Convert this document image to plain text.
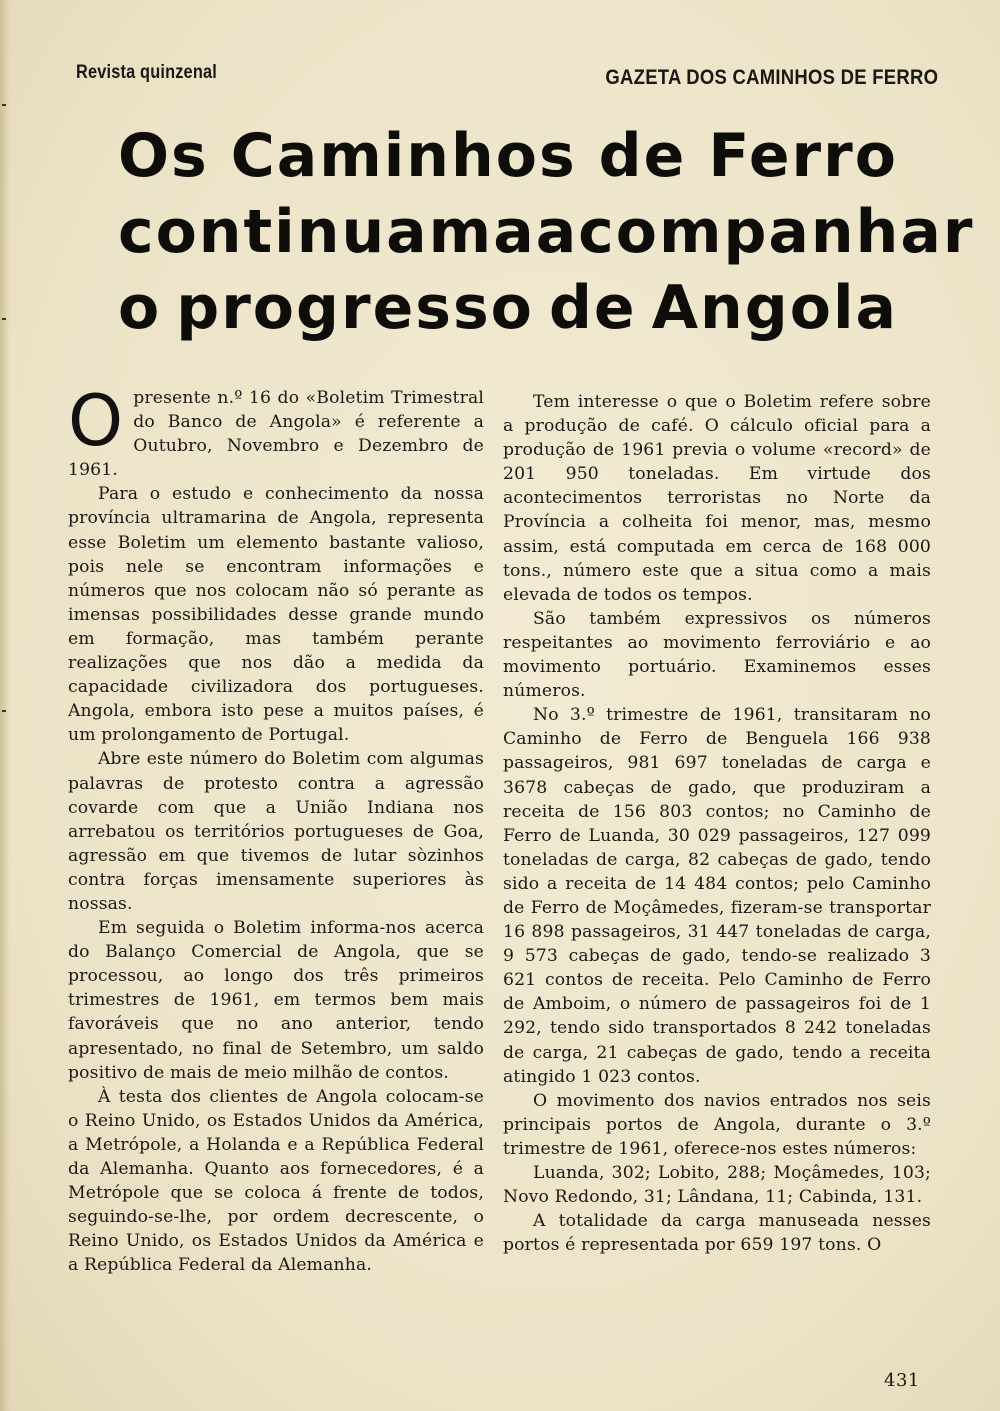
Revista quinzenal	GAZETA DOS CAMINHOS DE FERRO
Os Caminhos de Ferro
continuam a acompanhar
o progresso de Angola

Opresente n.º 16 do «Boletim Trimestral do Banco de Angola» é referente a Outubro, Novembro e Dezembro de 1961.

Para o estudo e conhecimento da nossa província ultramarina de Angola, representa esse Boletim um elemento bastante valioso, pois nele se encontram informações e números que nos colocam não só perante as imensas possibilidades desse grande mundo em formação, mas também perante realizações que nos dão a medida da capacidade civilizadora dos portugueses. Angola, embora isto pese a muitos países, é um prolongamento de Portugal.

Abre este número do Boletim com algumas palavras de protesto contra a agressão covarde com que a União Indiana nos arrebatou os territórios portugueses de Goa, agressão em que tivemos de lutar sòzinhos contra forças imensamente superiores às nossas.

Em seguida o Boletim informa-nos acerca do Balanço Comercial de Angola, que se processou, ao longo dos três primeiros trimestres de 1961, em termos bem mais favoráveis que no ano anterior, tendo apresentado, no final de Setembro, um saldo positivo de mais de meio milhão de contos.

À testa dos clientes de Angola colocam-se o Reino Unido, os Estados Unidos da América, a Metrópole, a Holanda e a República Federal da Alemanha. Quanto aos fornecedores, é a Metrópole que se coloca á frente de todos, seguindo-se-lhe, por ordem decrescente, o Reino Unido, os Estados Unidos da América e a República Federal da Alemanha.

Tem interesse o que o Boletim refere sobre a produção de café. O cálculo oficial para a produção de 1961 previa o volume «record» de 201 950 toneladas. Em virtude dos acontecimentos terroristas no Norte da Província a colheita foi menor, mas, mesmo assim, está computada em cerca de 168 000 tons., número este que a situa como a mais elevada de todos os tempos.

São também expressivos os números respeitantes ao movimento ferroviário e ao movimento portuário. Examinemos esses números.

No 3.º trimestre de 1961, transitaram no Caminho de Ferro de Benguela 166 938 passageiros, 981 697 toneladas de carga e 3678 cabeças de gado, que produziram a receita de 156 803 contos; no Caminho de Ferro de Luanda, 30 029 passageiros, 127 099 toneladas de carga, 82 cabeças de gado, tendo sido a receita de 14 484 contos; pelo Caminho de Ferro de Moçâmedes, fizeram-se transportar 16 898 passageiros, 31 447 toneladas de carga, 9 573 cabeças de gado, tendo-se realizado 3 621 contos de receita. Pelo Caminho de Ferro de Amboim, o número de passageiros foi de 1 292, tendo sido transportados 8 242 toneladas de carga, 21 cabeças de gado, tendo a receita atingido 1 023 contos.

O movimento dos navios entrados nos seis principais portos de Angola, durante o 3.º trimestre de 1961, oferece-nos estes números:

Luanda, 302; Lobito, 288; Moçâmedes, 103; Novo Redondo, 31; Lândana, 11; Cabinda, 131.

A totalidade da carga manuseada nesses portos é representada por 659 197 tons. O

431
